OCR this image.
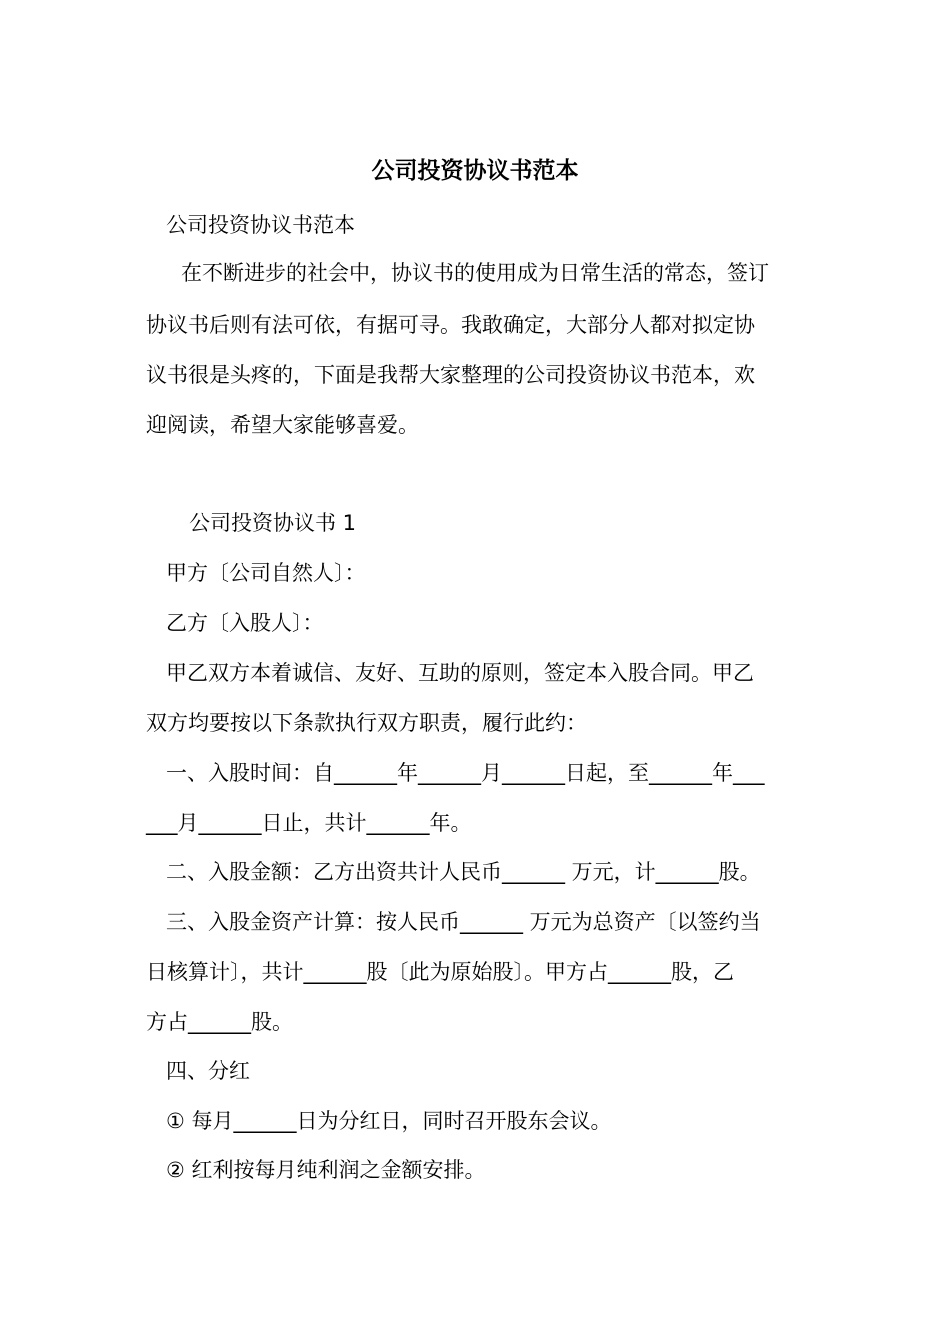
公司投资协议书范本
公司投资协议书范本
在不断进步的社会中，协议书的使用成为日常生活的常态，签订
协议书后则有法可依，有据可寻。我敢确定，大部分人都对拟定协
议书很是头疼的，下面是我帮大家整理的公司投资协议书范本，欢
迎阅读，希望大家能够喜爱。
公司投资协议书 1
甲方〔公司自然人〕：
乙方〔入股人〕：
甲乙双方本着诚信、友好、互助的原则，签定本入股合同。甲乙
双方均要按以下条款执行双方职责，履行此约：
一、入股时间：自______年______月______日起，至______年___
___月______日止，共计______年。
二、入股金额：乙方出资共计人民币______ 万元，计______股。
三、入股金资产计算：按人民币______ 万元为总资产〔以签约当
日核算计〕，共计______股〔此为原始股〕。甲方占______股，乙
方占______股。
四、分红
① 每月______日为分红日，同时召开股东会议。
② 红利按每月纯利润之金额安排。
